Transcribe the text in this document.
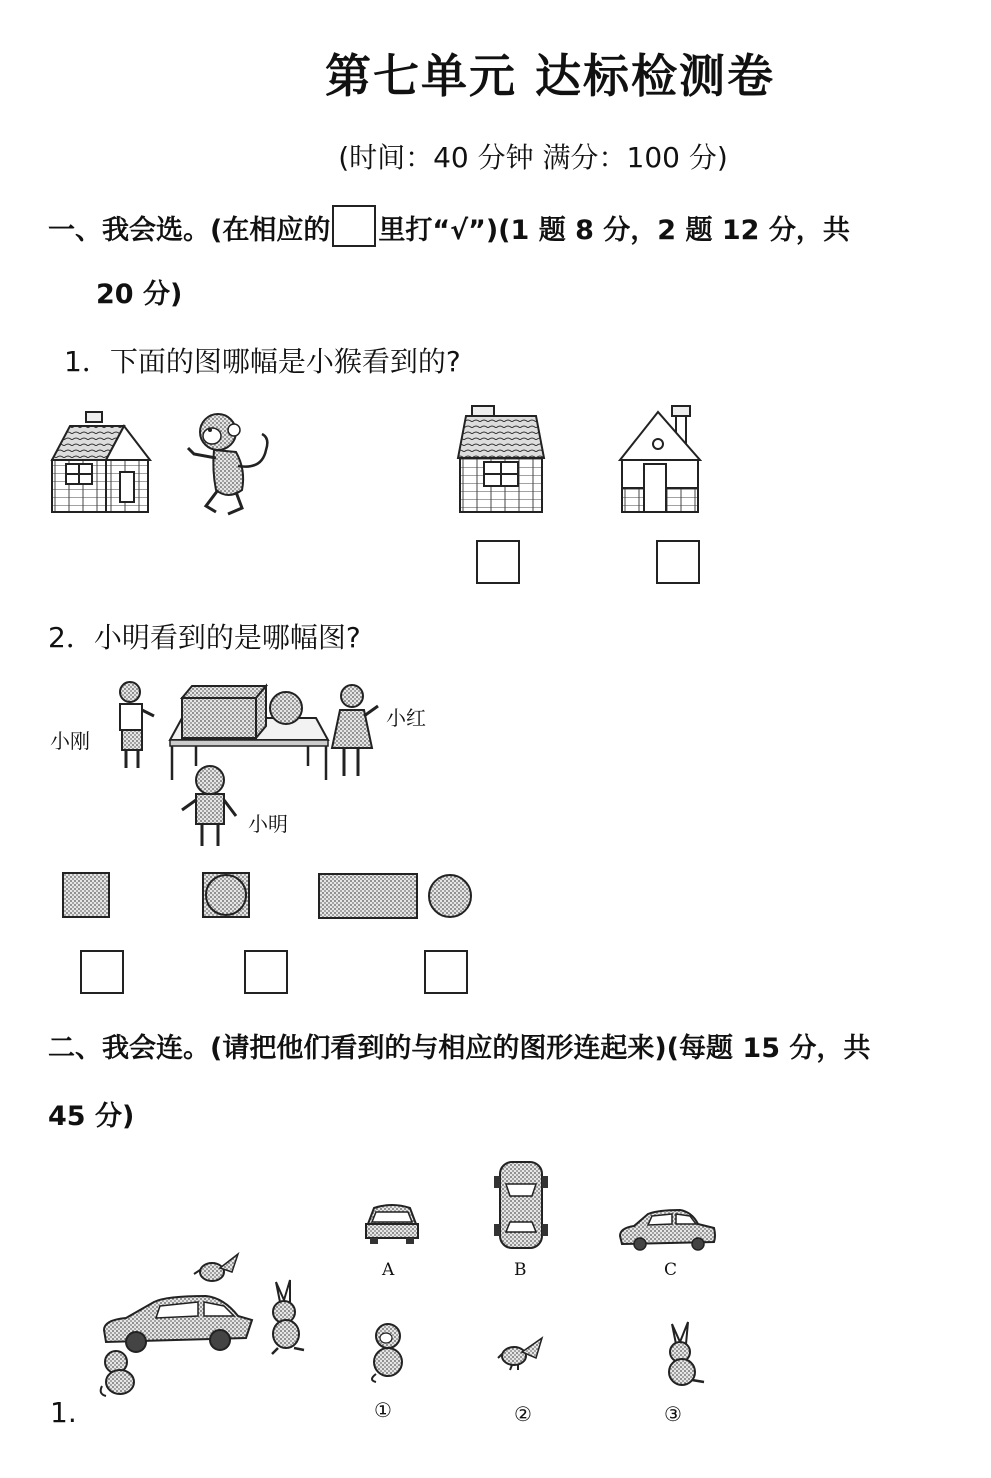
第七单元 达标检测卷
(时间：40 分钟 满分：100 分)
一、我会选。(在相应的 里打“√”)(1 题 8 分，2 题 12 分，共
20 分)
1．下面的图哪幅是小猴看到的?
2．小明看到的是哪幅图?
小刚
小红
小明
二、我会连。(请把他们看到的与相应的图形连起来)(每题 15 分，共
45 分)
A	B	C
①	②	③
1.
